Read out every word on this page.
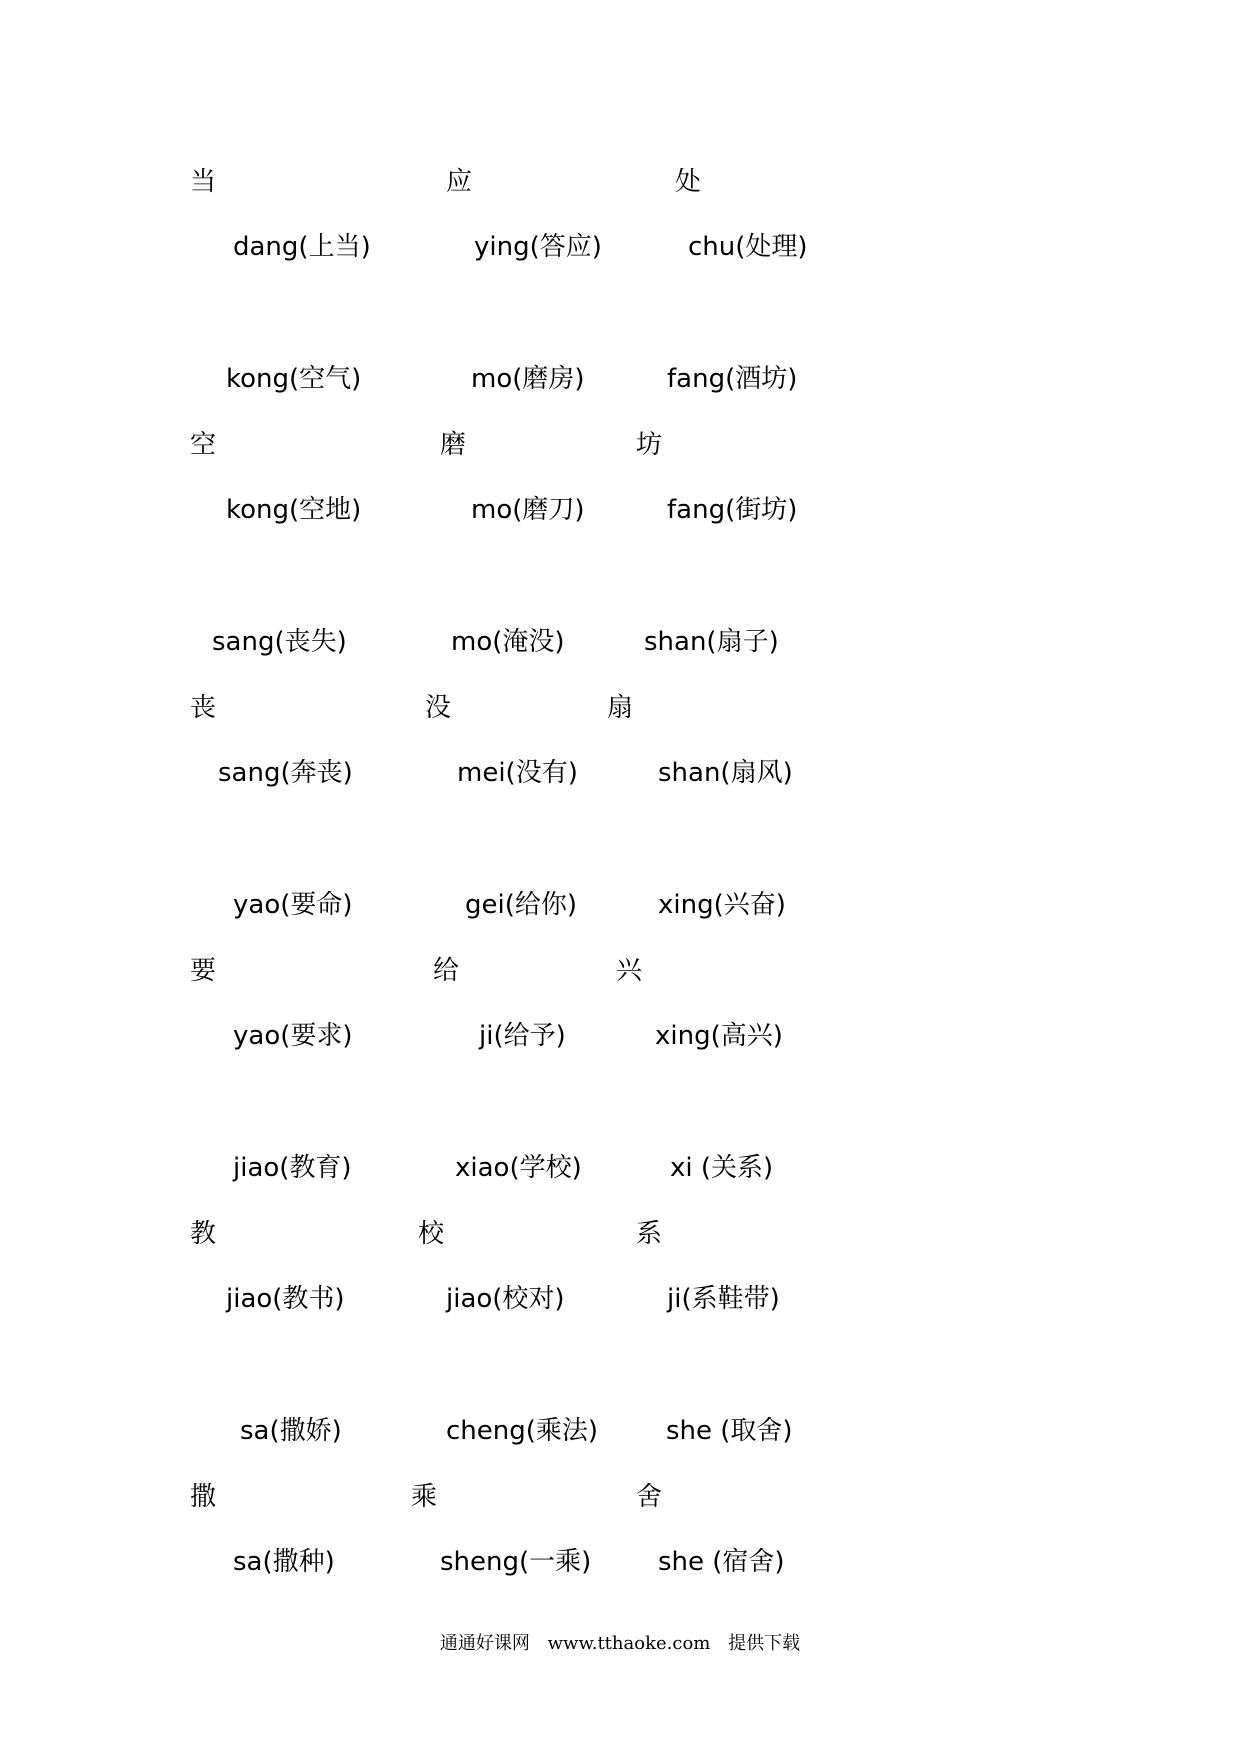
当	应	处
dang(上当)	ying(答应)	chu(处理)
kong(空气)	mo(磨房)	fang(酒坊)
空	磨	坊
kong(空地)	mo(磨刀)	fang(街坊)
sang(丧失)	mo(淹没)	shan(扇子)
丧	没	扇
sang(奔丧)	mei(没有)	shan(扇风)
yao(要命)	gei(给你)	xing(兴奋)
要	给	兴
yao(要求)	ji(给予)	xing(高兴)
jiao(教育)	xiao(学校)	xi (关系)
教	校	系
jiao(教书)	jiao(校对)	ji(系鞋带)
sa(撒娇)	cheng(乘法)	she (取舍)
撒	乘	舍
sa(撒种)	sheng(一乘)	she (宿舍)
通通好课网 www.tthaoke.com 提供下载
